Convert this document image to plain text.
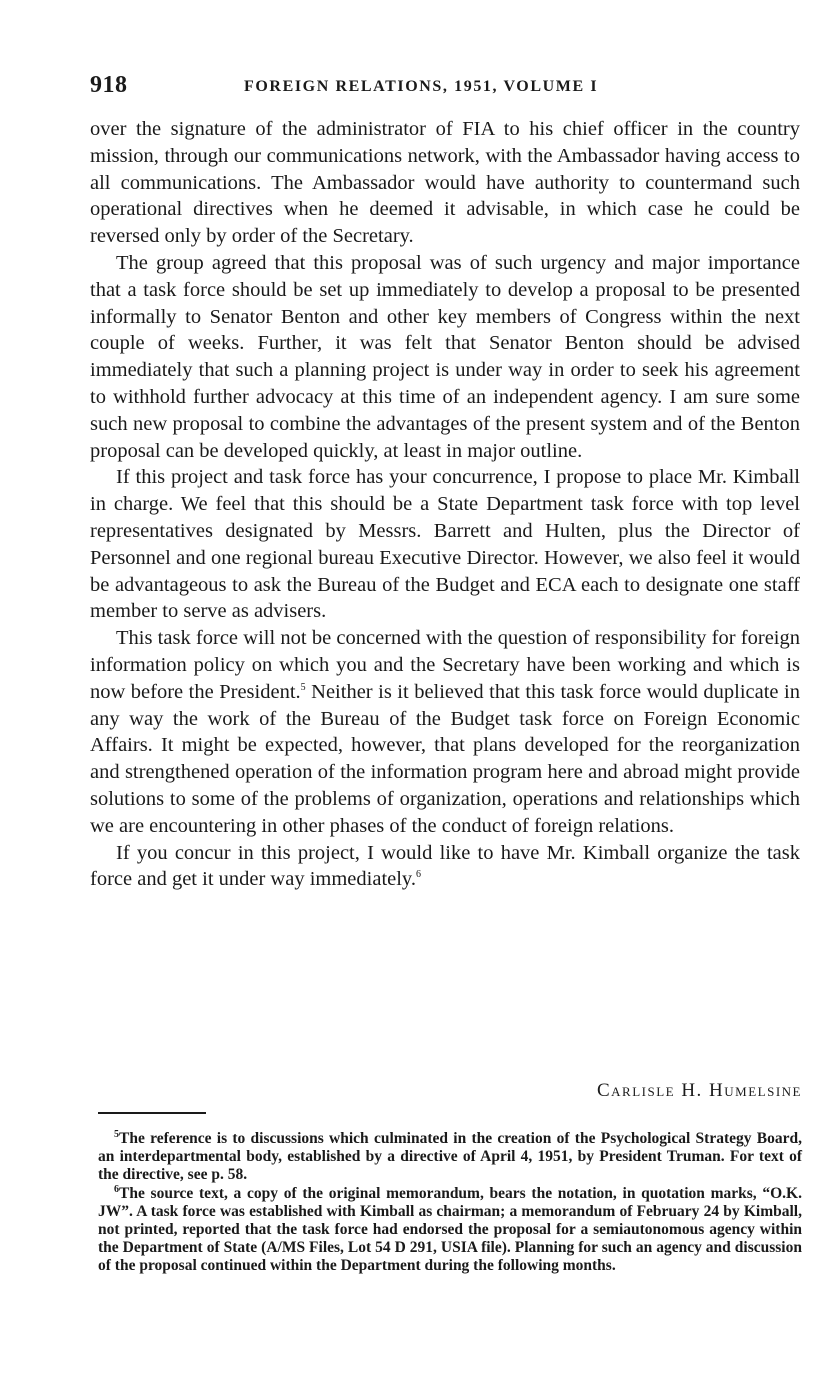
918	FOREIGN RELATIONS, 1951, VOLUME I

over the signature of the administrator of FIA to his chief officer in the country mission, through our communications network, with the Ambassador having access to all communications. The Ambassador would have authority to countermand such operational directives when he deemed it advisable, in which case he could be reversed only by order of the Secretary.

The group agreed that this proposal was of such urgency and major importance that a task force should be set up immediately to develop a proposal to be presented informally to Senator Benton and other key members of Congress within the next couple of weeks. Further, it was felt that Senator Benton should be advised immediately that such a planning project is under way in order to seek his agreement to withhold further advocacy at this time of an independent agency. I am sure some such new proposal to combine the advantages of the present system and of the Benton proposal can be developed quickly, at least in major outline.

If this project and task force has your concurrence, I propose to place Mr. Kimball in charge. We feel that this should be a State Department task force with top level representatives designated by Messrs. Barrett and Hulten, plus the Director of Personnel and one regional bureau Executive Director. However, we also feel it would be advantageous to ask the Bureau of the Budget and ECA each to designate one staff member to serve as advisers.

This task force will not be concerned with the question of responsibility for foreign information policy on which you and the Secretary have been working and which is now before the President.$^5$ Neither is it believed that this task force would duplicate in any way the work of the Bureau of the Budget task force on Foreign Economic Affairs. It might be expected, however, that plans developed for the reorganization and strengthened operation of the information program here and abroad might provide solutions to some of the problems of organization, operations and relationships which we are encountering in other phases of the conduct of foreign relations.

If you concur in this project, I would like to have Mr. Kimball organize the task force and get it under way immediately.$^6$

Carlisle H. Humelsine

$^5$The reference is to discussions which culminated in the creation of the Psychological Strategy Board, an interdepartmental body, established by a directive of April 4, 1951, by President Truman. For text of the directive, see p. 58.

$^6$The source text, a copy of the original memorandum, bears the notation, in quotation marks, “O.K. JW”. A task force was established with Kimball as chairman; a memorandum of February 24 by Kimball, not printed, reported that the task force had endorsed the proposal for a semiautonomous agency within the Department of State (A/MS Files, Lot 54 D 291, USIA file). Planning for such an agency and discussion of the proposal continued within the Department during the following months.
